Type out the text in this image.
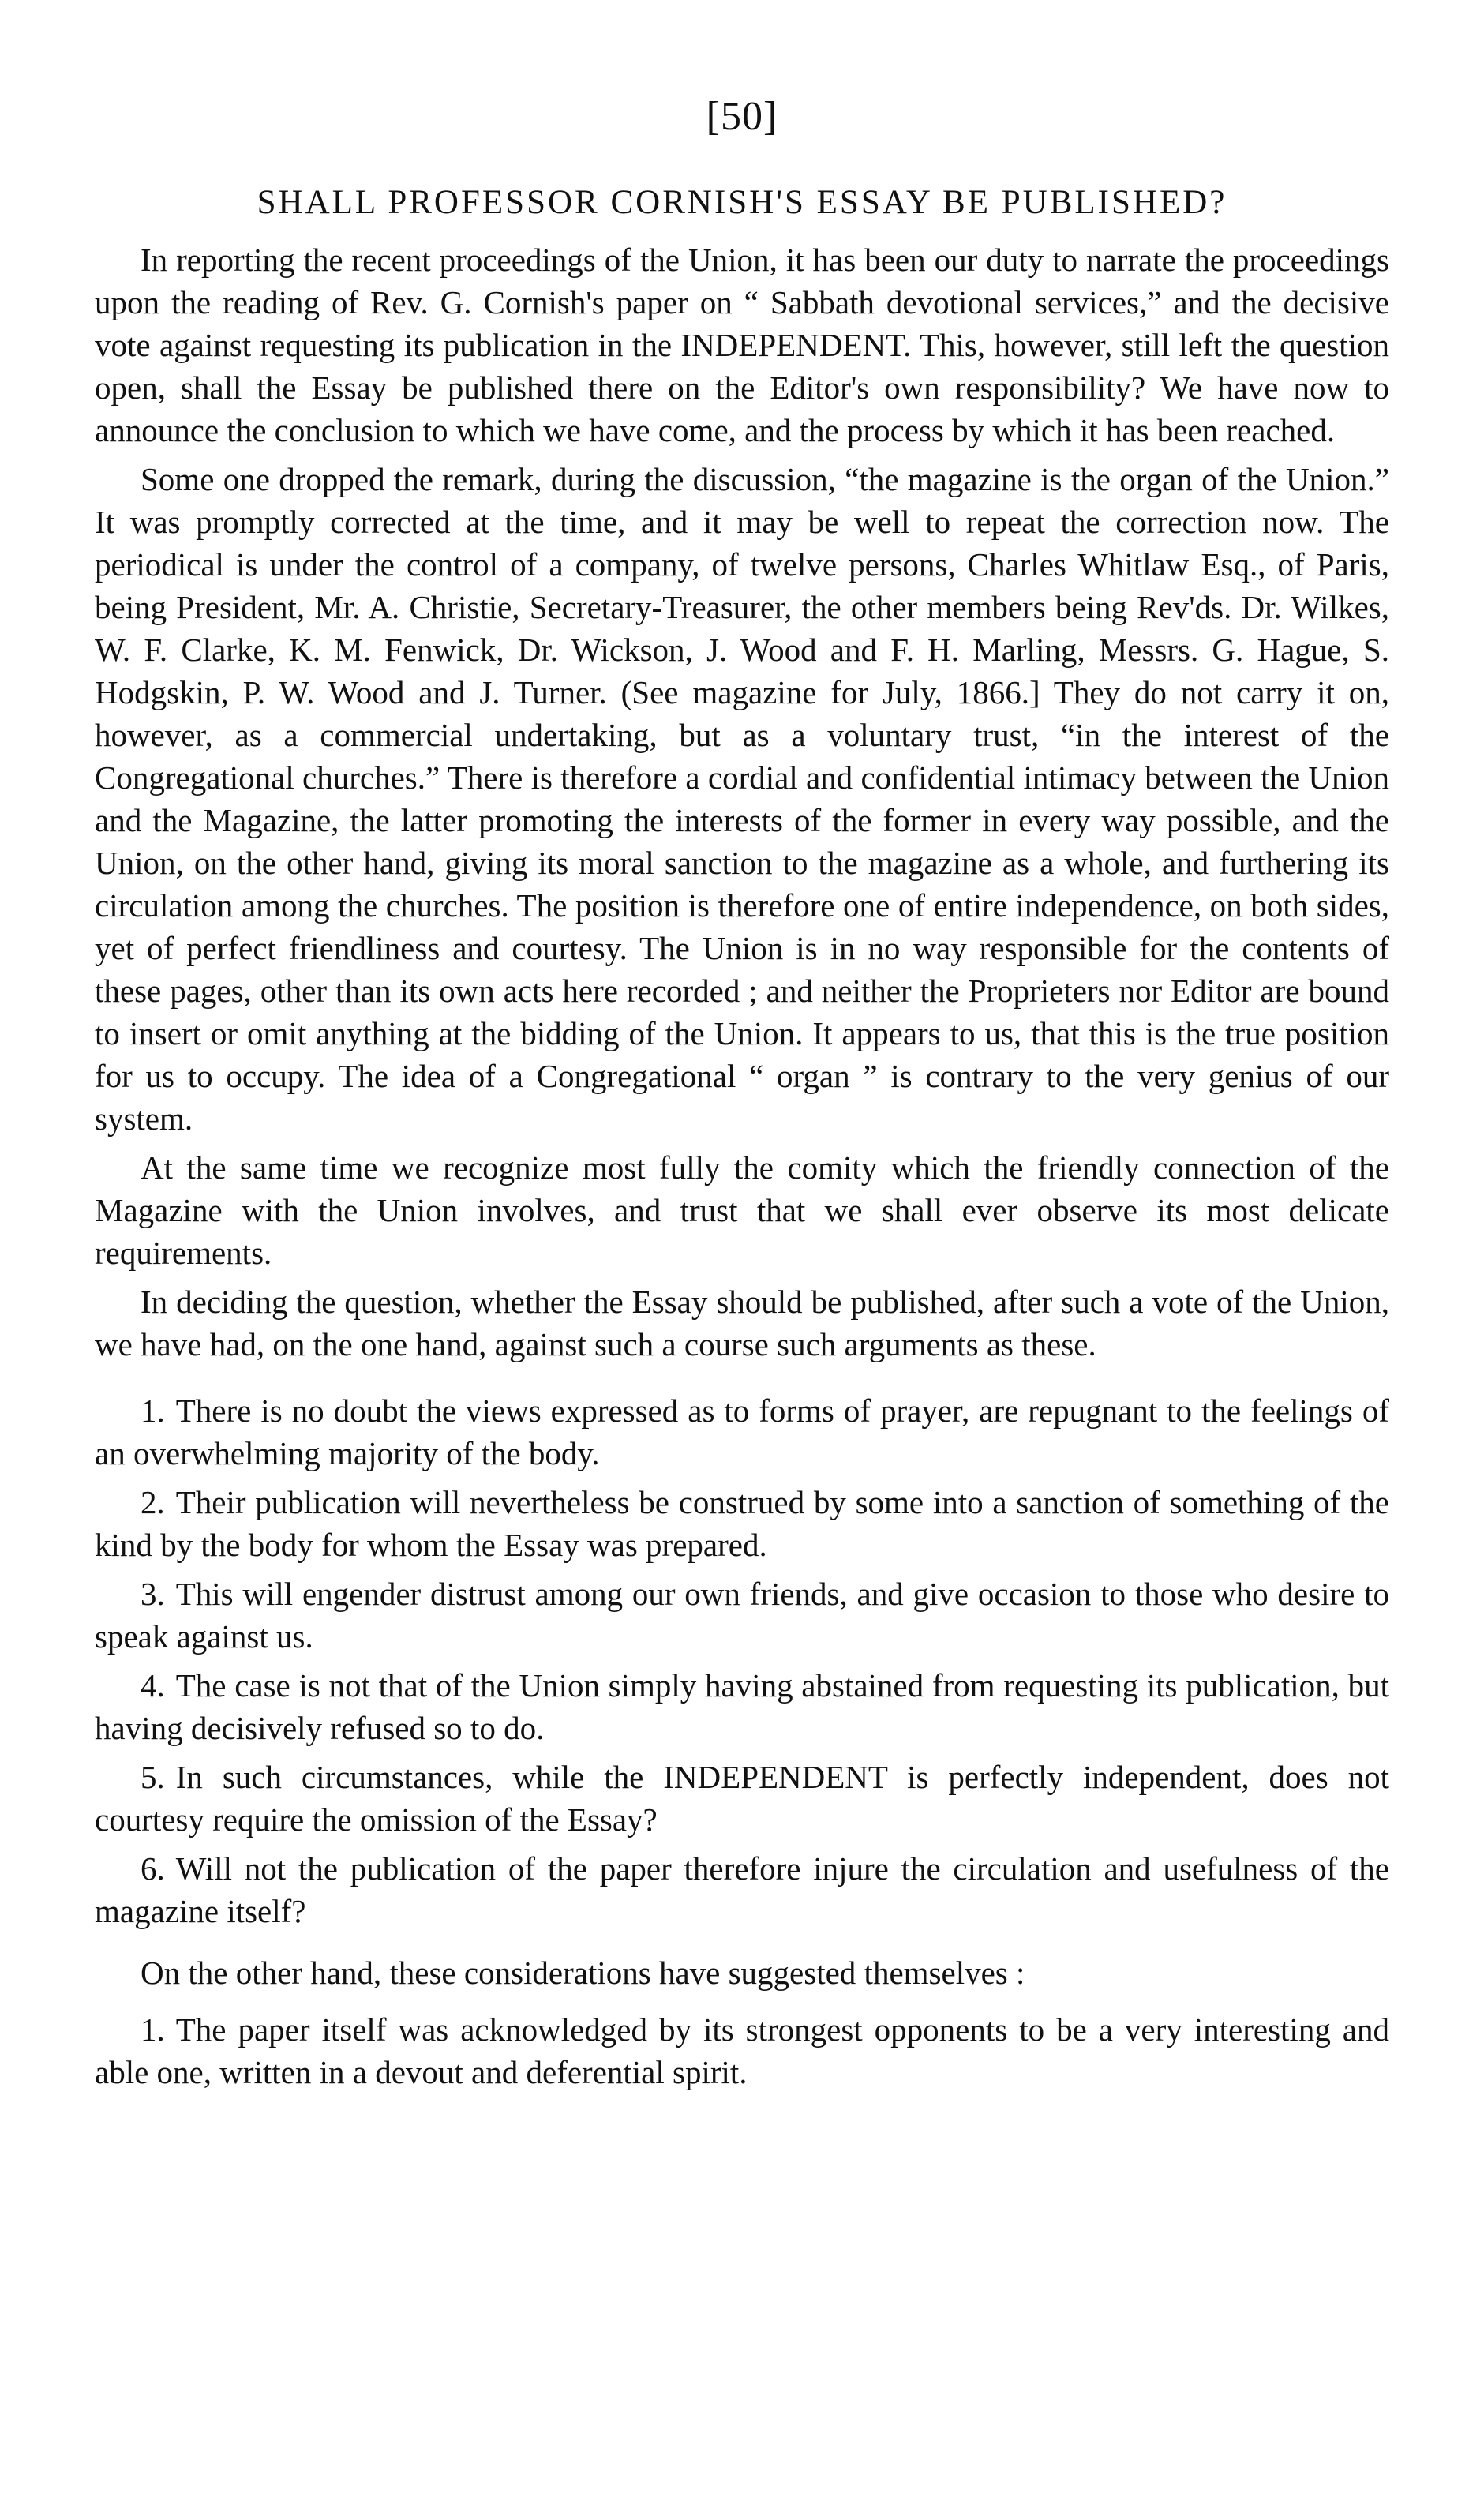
[50]
SHALL PROFESSOR CORNISH'S ESSAY BE PUBLISHED?

In reporting the recent proceedings of the Union, it has been our duty to narrate the proceedings upon the reading of Rev. G. Cornish's paper on “ Sabbath devotional services,” and the decisive vote against requesting its publication in the INDEPENDENT. This, however, still left the question open, shall the Essay be published there on the Editor's own responsibility? We have now to announce the conclusion to which we have come, and the process by which it has been reached.

Some one dropped the remark, during the discussion, “the magazine is the organ of the Union.” It was promptly corrected at the time, and it may be well to repeat the correction now. The periodical is under the control of a company, of twelve persons, Charles Whitlaw Esq., of Paris, being President, Mr. A. Christie, Secretary-Treasurer, the other members being Rev'ds. Dr. Wilkes, W. F. Clarke, K. M. Fenwick, Dr. Wickson, J. Wood and F. H. Marling, Messrs. G. Hague, S. Hodgskin, P. W. Wood and J. Turner. (See magazine for July, 1866.] They do not carry it on, however, as a commercial undertaking, but as a voluntary trust, “in the interest of the Congregational churches.” There is therefore a cordial and confidential intimacy between the Union and the Magazine, the latter promoting the interests of the former in every way possible, and the Union, on the other hand, giving its moral sanction to the magazine as a whole, and furthering its circulation among the churches. The position is therefore one of entire independence, on both sides, yet of perfect friendliness and courtesy. The Union is in no way responsible for the contents of these pages, other than its own acts here recorded ; and neither the Proprieters nor Editor are bound to insert or omit anything at the bidding of the Union. It appears to us, that this is the true position for us to occupy. The idea of a Congregational “ organ ” is contrary to the very genius of our system.

At the same time we recognize most fully the comity which the friendly connection of the Magazine with the Union involves, and trust that we shall ever observe its most delicate requirements.

In deciding the question, whether the Essay should be published, after such a vote of the Union, we have had, on the one hand, against such a course such arguments as these.

1. There is no doubt the views expressed as to forms of prayer, are repugnant to the feelings of an overwhelming majority of the body.
2. Their publication will nevertheless be construed by some into a sanction of something of the kind by the body for whom the Essay was prepared.
3. This will engender distrust among our own friends, and give occasion to those who desire to speak against us.
4. The case is not that of the Union simply having abstained from requesting its publication, but having decisively refused so to do.
5. In such circumstances, while the INDEPENDENT is perfectly independent, does not courtesy require the omission of the Essay?
6. Will not the publication of the paper therefore injure the circulation and usefulness of the magazine itself?

On the other hand, these considerations have suggested themselves :

1. The paper itself was acknowledged by its strongest opponents to be a very interesting and able one, written in a devout and deferential spirit.
